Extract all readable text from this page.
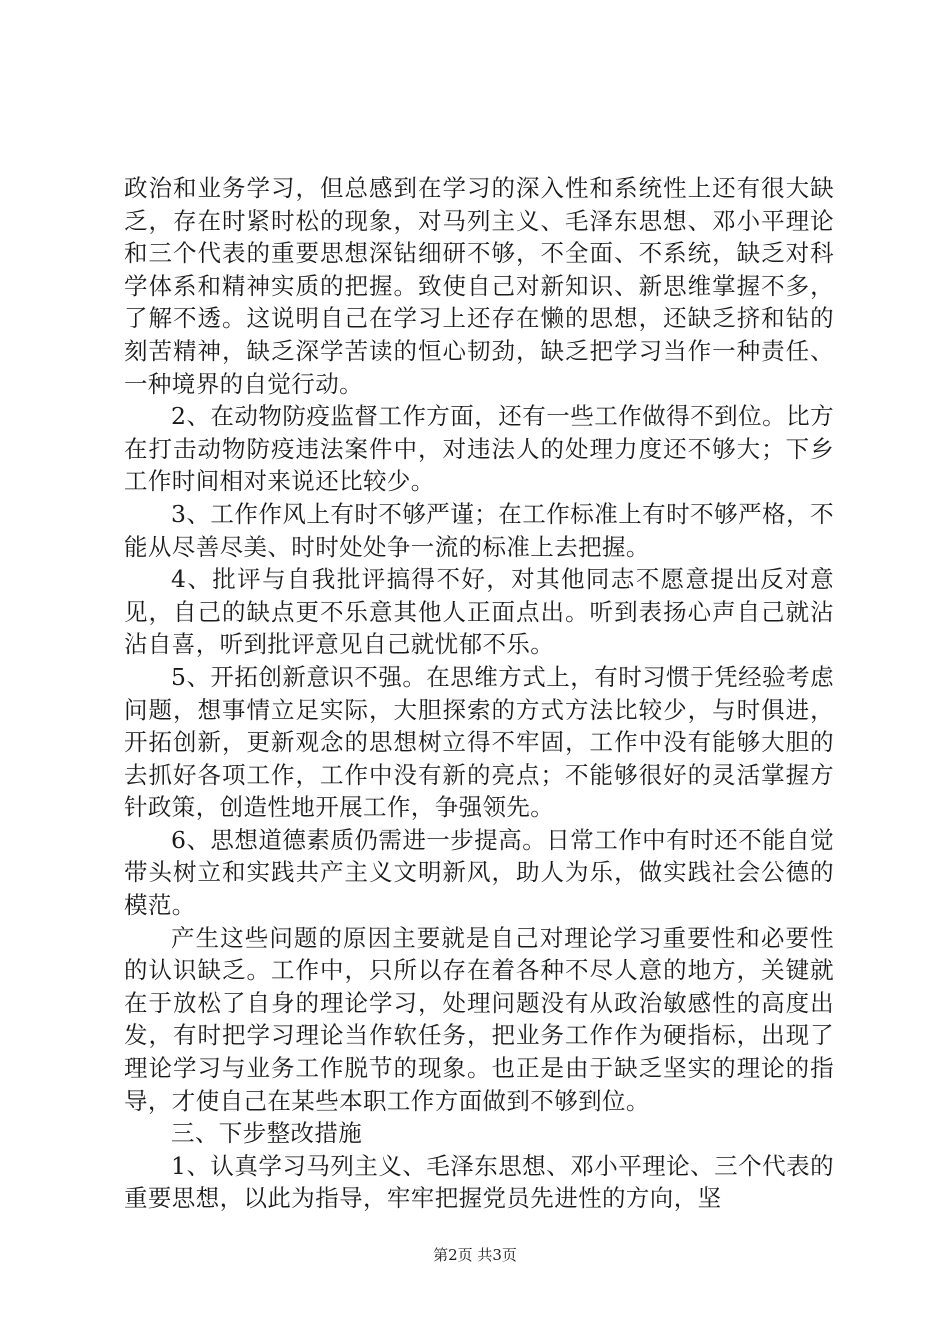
政治和业务学习，但总感到在学习的深入性和系统性上还有很大缺乏，存在时紧时松的现象，对马列主义、毛泽东思想、邓小平理论和三个代表的重要思想深钻细研不够，不全面、不系统，缺乏对科学体系和精神实质的把握。致使自己对新知识、新思维掌握不多，了解不透。这说明自己在学习上还存在懒的思想，还缺乏挤和钻的刻苦精神，缺乏深学苦读的恒心韧劲，缺乏把学习当作一种责任、一种境界的自觉行动。

2、在动物防疫监督工作方面，还有一些工作做得不到位。比方在打击动物防疫违法案件中，对违法人的处理力度还不够大；下乡工作时间相对来说还比较少。

3、工作作风上有时不够严谨；在工作标准上有时不够严格，不能从尽善尽美、时时处处争一流的标准上去把握。

4、批评与自我批评搞得不好，对其他同志不愿意提出反对意见，自己的缺点更不乐意其他人正面点出。听到表扬心声自己就沾沾自喜，听到批评意见自己就忧郁不乐。

5、开拓创新意识不强。在思维方式上，有时习惯于凭经验考虑问题，想事情立足实际，大胆探索的方式方法比较少，与时俱进，开拓创新，更新观念的思想树立得不牢固，工作中没有能够大胆的去抓好各项工作，工作中没有新的亮点；不能够很好的灵活掌握方针政策，创造性地开展工作，争强领先。

6、思想道德素质仍需进一步提高。日常工作中有时还不能自觉带头树立和实践共产主义文明新风，助人为乐，做实践社会公德的模范。

产生这些问题的原因主要就是自己对理论学习重要性和必要性的认识缺乏。工作中，只所以存在着各种不尽人意的地方，关键就在于放松了自身的理论学习，处理问题没有从政治敏感性的高度出发，有时把学习理论当作软任务，把业务工作作为硬指标，出现了理论学习与业务工作脱节的现象。也正是由于缺乏坚实的理论的指导，才使自己在某些本职工作方面做到不够到位。

三、下步整改措施

1、认真学习马列主义、毛泽东思想、邓小平理论、三个代表的重要思想，以此为指导，牢牢把握党员先进性的方向，坚

第2页 共3页
